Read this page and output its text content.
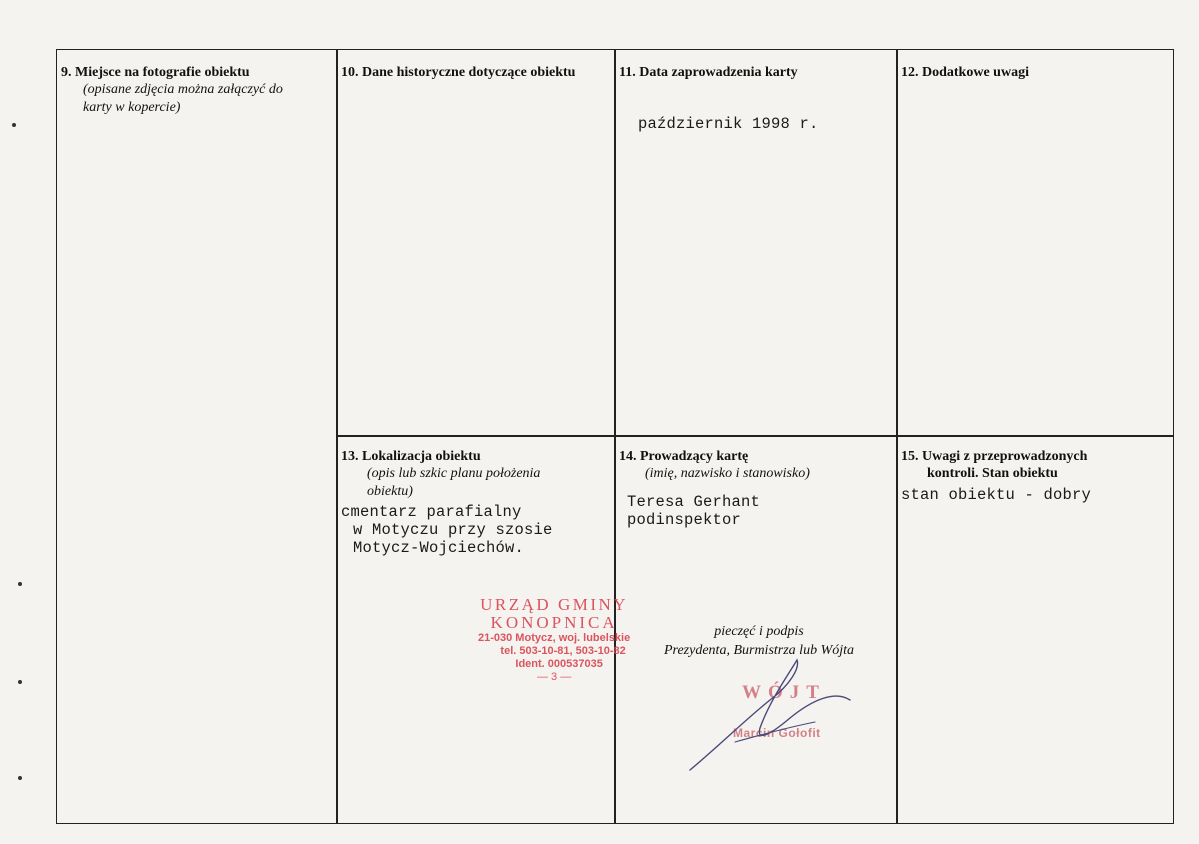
9. Miejsce na fotografie obiektu
(opisane zdjęcia można załączyć do
karty w kopercie)
10. Dane historyczne dotyczące obiektu	11. Data zaprowadzenia karty
październik 1998 r.
12. Dodatkowe uwagi
13. Lokalizacja obiektu
(opis lub szkic planu położenia
obiektu)
cmentarz parafialny
w Motyczu przy szosie
Motycz-Wojciechów.
14. Prowadzący kartę
(imię, nazwisko i stanowisko)
Teresa Gerhant
podinspektor
15. Uwagi z przeprowadzonych
kontroli. Stan obiektu
stan obiektu - dobry
URZĄD GMINY
KONOPNICA
21-030 Motycz, woj. lubelskie
tel. 503-10-81, 503-10-82
Ident. 000537035
— 3 —
pieczęć i podpis
Prezydenta, Burmistrza lub Wójta
WÓJT
Marcin Gołofit
